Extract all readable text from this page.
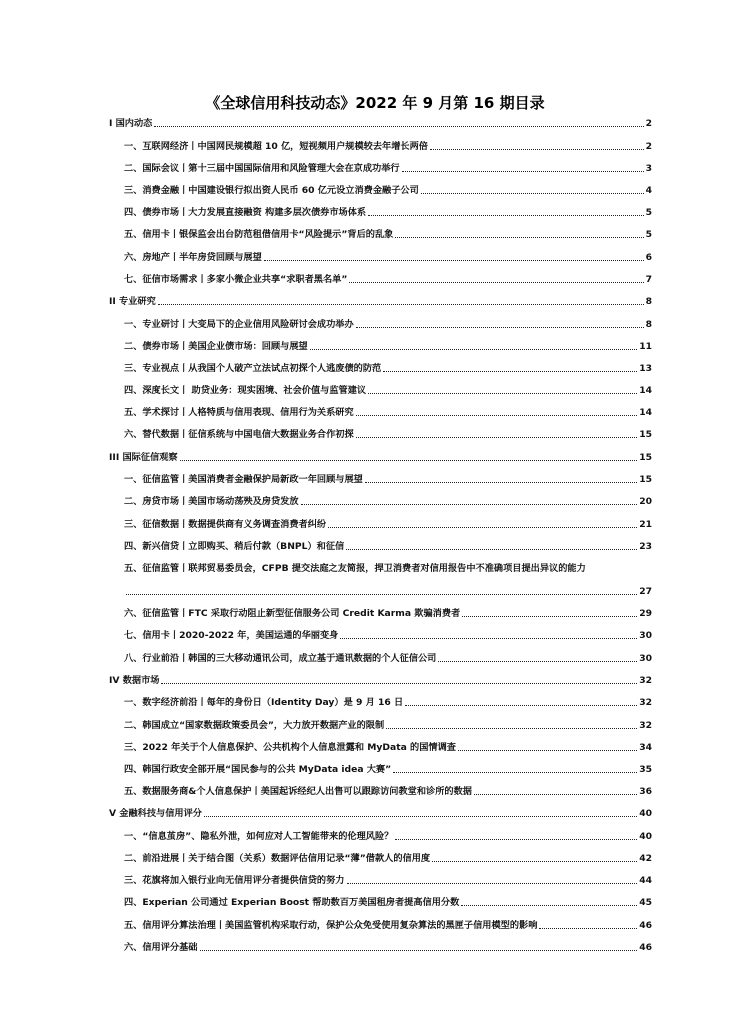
《全球信用科技动态》2022 年 9 月第 16 期目录
I 国内动态	2
一、互联网经济丨中国网民规模超 10 亿，短视频用户规模较去年增长两倍	2
二、国际会议丨第十三届中国国际信用和风险管理大会在京成功举行	3
三、消费金融丨中国建设银行拟出资人民币 60 亿元设立消费金融子公司	4
四、债券市场丨大力发展直接融资 构建多层次债券市场体系	5
五、信用卡丨银保监会出台防范租借信用卡“风险提示”背后的乱象	5
六、房地产丨半年房贷回顾与展望	6
七、征信市场需求丨多家小微企业共享“求职者黑名单”	7
II 专业研究	8
一、专业研讨丨大变局下的企业信用风险研讨会成功举办	8
二、债券市场丨美国企业债市场：回顾与展望	11
三、专业视点丨从我国个人破产立法试点初探个人逃废债的防范	13
四、深度长文丨 助贷业务：现实困境、社会价值与监管建议	14
五、学术探讨丨人格特质与信用表现、信用行为关系研究	14
六、替代数据丨征信系统与中国电信大数据业务合作初探	15
III 国际征信观察	15
一、征信监管丨美国消费者金融保护局新政一年回顾与展望	15
二、房贷市场丨美国市场动荡殃及房贷发放	20
三、征信数据丨数据提供商有义务调查消费者纠纷	21
四、新兴信贷丨立即购买、稍后付款（BNPL）和征信	23
五、征信监管丨联邦贸易委员会，CFPB 提交法庭之友简报，捍卫消费者对信用报告中不准确项目提出异议的能力
27
六、征信监管丨FTC 采取行动阻止新型征信服务公司 Credit Karma 欺骗消费者	29
七、信用卡丨2020-2022 年，美国运通的华丽变身	30
八、行业前沿丨韩国的三大移动通讯公司，成立基于通讯数据的个人征信公司	30
IV 数据市场	32
一、数字经济前沿丨每年的身份日（Identity Day）是 9 月 16 日	32
二、韩国成立“国家数据政策委员会”，大力放开数据产业的限制	32
三、2022 年关于个人信息保护、公共机构个人信息泄露和 MyData 的国情调查	34
四、韩国行政安全部开展“国民参与的公共 MyData idea 大赛”	35
五、数据服务商&个人信息保护丨美国起诉经纪人出售可以跟踪访问教堂和诊所的数据	36
V 金融科技与信用评分	40
一、“信息茧房”、隐私外泄，如何应对人工智能带来的伦理风险？	40
二、前沿进展丨关于结合图（关系）数据评估信用记录“薄”借款人的信用度	42
三、花旗将加入银行业向无信用评分者提供信贷的努力	44
四、Experian 公司通过 Experian Boost 帮助数百万美国租房者提高信用分数	45
五、信用评分算法治理丨美国监管机构采取行动，保护公众免受使用复杂算法的黑匣子信用模型的影响	46
六、信用评分基础	46
